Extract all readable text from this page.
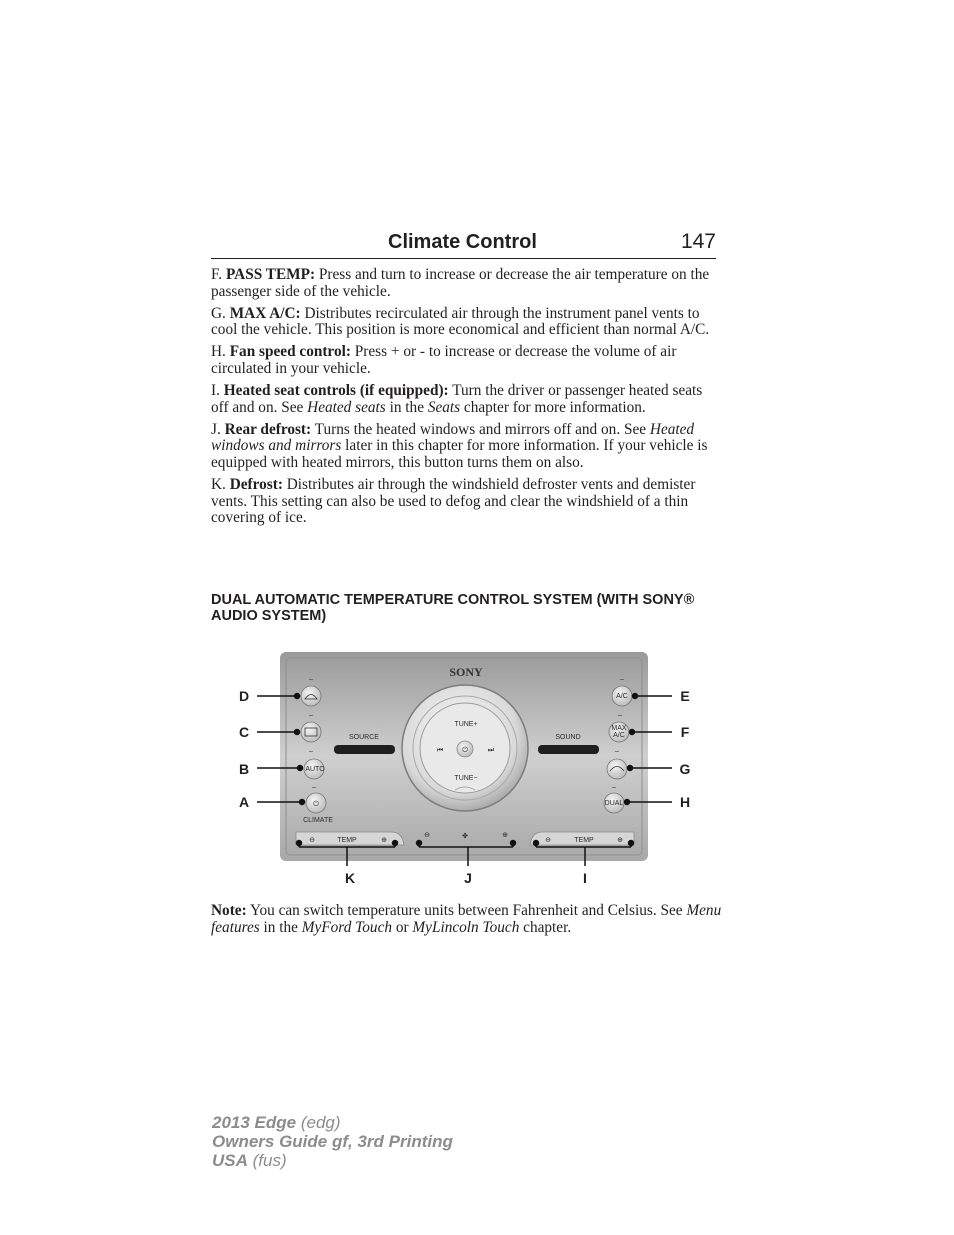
Climate Control	147

F. PASS TEMP: Press and turn to increase or decrease the air temperature on the passenger side of the vehicle.

G. MAX A/C: Distributes recirculated air through the instrument panel vents to cool the vehicle. This position is more economical and efficient than normal A/C.

H. Fan speed control: Press + or - to increase or decrease the volume of air circulated in your vehicle.

I. Heated seat controls (if equipped): Turn the driver or passenger heated seats off and on. See Heated seats in the Seats chapter for more information.

J. Rear defrost: Turns the heated windows and mirrors off and on. See Heated windows and mirrors later in this chapter for more information. If your vehicle is equipped with heated mirrors, this button turns them on also.

K. Defrost: Distributes air through the windshield defroster vents and demister vents. This setting can also be used to defog and clear the windshield of a thin covering of ice.

DUAL AUTOMATIC TEMPERATURE CONTROL SYSTEM (WITH SONY® AUDIO SYSTEM)
SONY
SOURCE	SOUND
TUNE+
TUNE−
⏮	⏭
⏻
–
–
–
AUTO
–
⏻
CLIMATE
–
A/C
–
MAX
A/C
–
–
DUAL
⊖	TEMP	⊕
⊖	✤	⊕
⊖	TEMP	⊕
D
C
B
A
E
F
G
H
K	J	I
Note: You can switch temperature units between Fahrenheit and Celsius. See Menu features in the MyFord Touch or MyLincoln Touch chapter.
2013 Edge (edg)
Owners Guide gf, 3rd Printing
USA (fus)
